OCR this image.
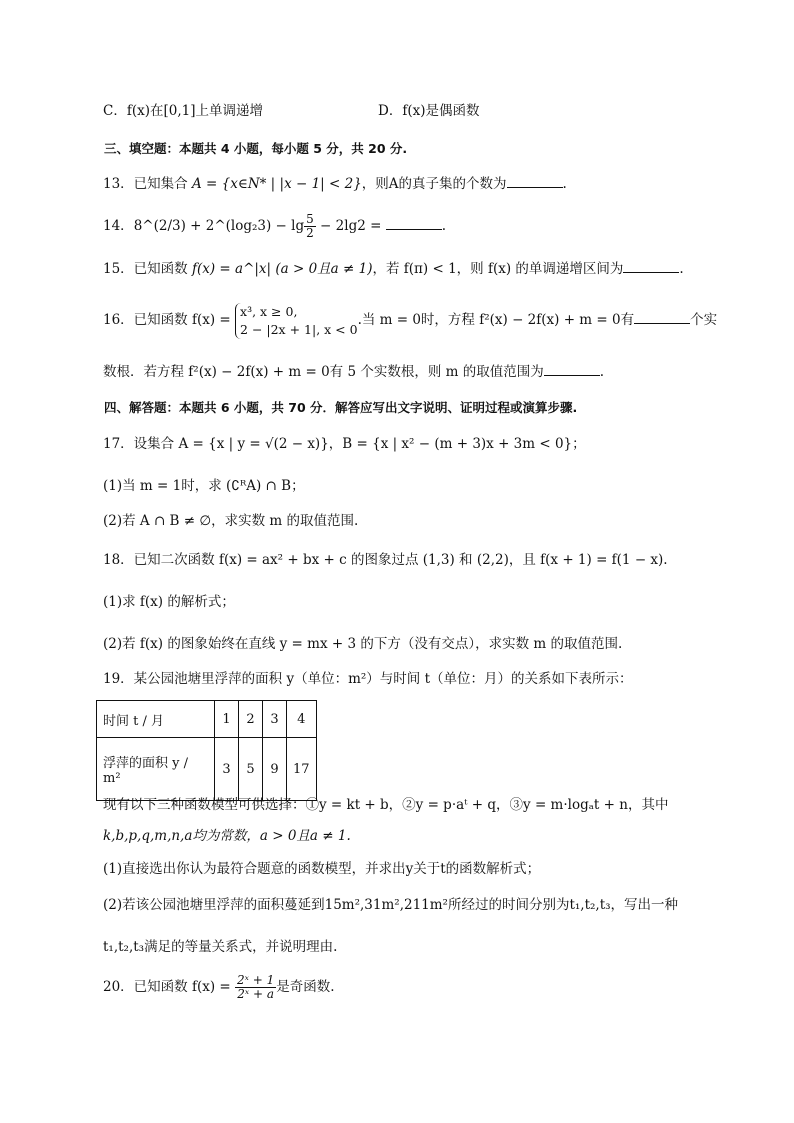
C．f(x)在[0,1]上单调递增	D．f(x)是偶函数
三、填空题：本题共 4 小题，每小题 5 分，共 20 分.
13．已知集合 A = {x∈N* | |x − 1| < 2}，则A的真子集的个数为	.
14．8^(2/3) + 2^(log₂3) − $\lg \frac{5}{2} - 2\lg 2$ =	.
15．已知函数 f(x) = a^|x| (a > 0且a ≠ 1)，若 f(π) < 1，则 f(x) 的单调递增区间为	.
16．已知函数 f(x) =
x³, x ≥ 0,
2 − |2x + 1|, x < 0
.当 m = 0时，方程 f²(x) − 2f(x) + m = 0有	个实
数根．若方程 f²(x) − 2f(x) + m = 0有 5 个实数根，则 m 的取值范围为	.
四、解答题：本题共 6 小题，共 70 分．解答应写出文字说明、证明过程或演算步骤.
17．设集合 A = {x | y = √(2 − x)}，B = {x | x² − (m + 3)x + 3m < 0}；
(1)当 m = 1时，求 (∁ᴿA) ∩ B；
(2)若 A ∩ B ≠ ∅，求实数 m 的取值范围.
18．已知二次函数 f(x) = ax² + bx + c 的图象过点 (1,3) 和 (2,2)，且 f(x + 1) = f(1 − x).
(1)求 f(x) 的解析式；
(2)若 f(x) 的图象始终在直线 y = mx + 3 的下方（没有交点），求实数 m 的取值范围.
19．某公园池塘里浮萍的面积 y（单位：m²）与时间 t（单位：月）的关系如下表所示：
时间 t / 月	1	2	3	4
浮萍的面积 y / m²	3	5	9	17
现有以下三种函数模型可供选择：①y = kt + b，②y = p·aᵗ + q，③y = m·logₐt + n，其中
k,b,p,q,m,n,a均为常数，a > 0且a ≠ 1.
(1)直接选出你认为最符合题意的函数模型，并求出y关于t的函数解析式；
(2)若该公园池塘里浮萍的面积蔓延到15m²,31m²,211m²所经过的时间分别为t₁,t₂,t₃，写出一种
t₁,t₂,t₃满足的等量关系式，并说明理由.
20．已知函数 $f(x) = \frac{\text{2ˣ + 1}}{\text{2ˣ + a}}$ 是奇函数.
